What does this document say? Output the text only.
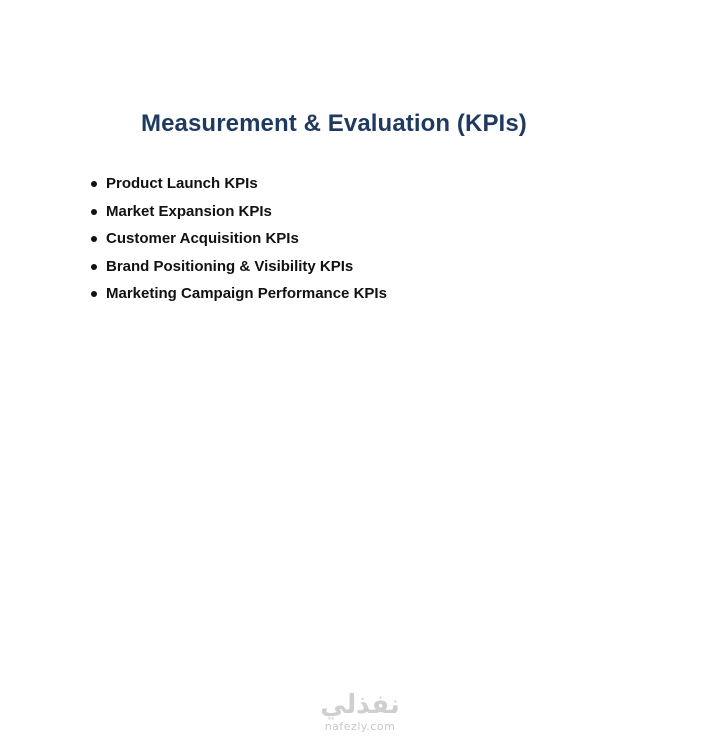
Measurement & Evaluation (KPIs)
Product Launch KPIs
Market Expansion KPIs
Customer Acquisition KPIs
Brand Positioning & Visibility KPIs
Marketing Campaign Performance KPIs
نفذلي
nafezly.com
